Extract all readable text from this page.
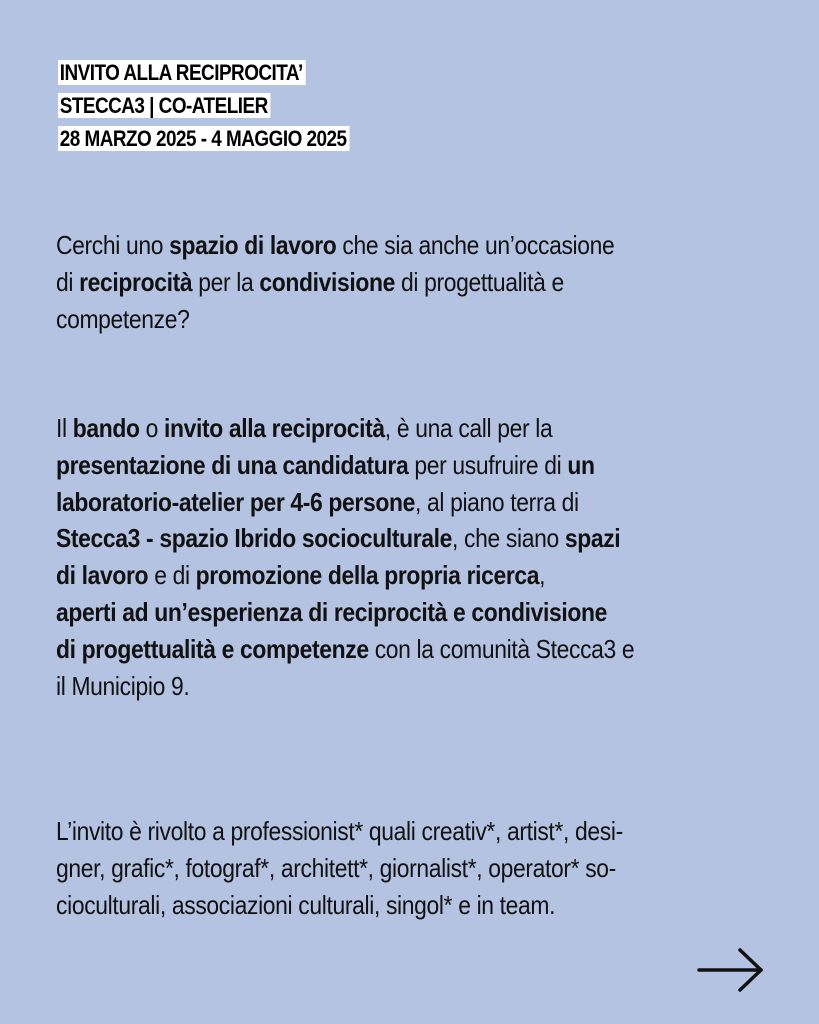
INVITO ALLA RECIPROCITA’
STECCA3 | CO-ATELIER
28 MARZO 2025 - 4 MAGGIO 2025

Cerchi uno spazio di lavoro che sia anche un’occasione
di reciprocità per la condivisione di progettualità e
competenze?

Il bando o invito alla reciprocità, è una call per la
presentazione di una candidatura per usufruire di un
laboratorio-atelier per 4-6 persone, al piano terra di
Stecca3 - spazio Ibrido socioculturale, che siano spazi
di lavoro e di promozione della propria ricerca,
aperti ad un’esperienza di reciprocità e condivisione
di progettualità e competenze con la comunità Stecca3 e
il Municipio 9.

L’invito è rivolto a professionist* quali creativ*, artist*, desi-
gner, grafic*, fotograf*, architett*, giornalist*, operator* so-
cioculturali, associazioni culturali, singol* e in team.
